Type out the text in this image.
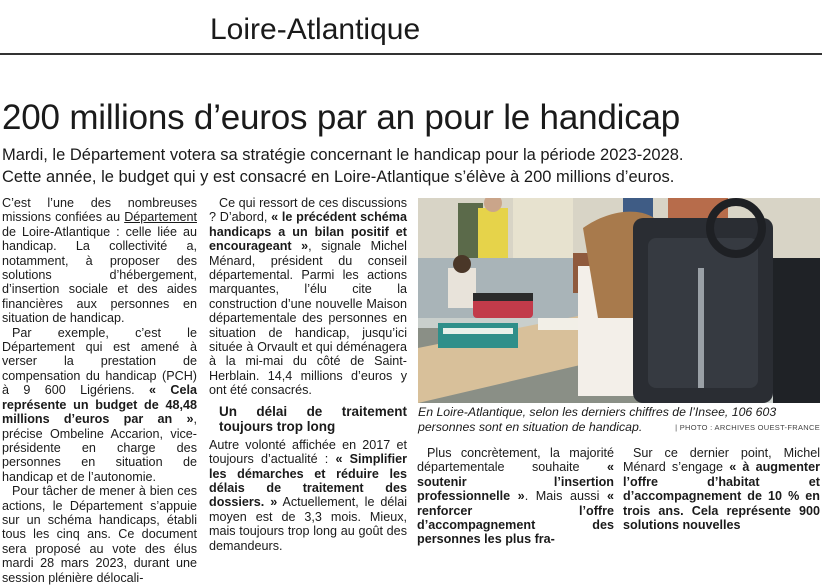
Loire-Atlantique
200 millions d’euros par an pour le handicap
Mardi, le Département votera sa stratégie concernant le handicap pour la période 2023-2028.
Cette année, le budget qui y est consacré en Loire-Atlantique s’élève à 200 millions d’euros.

C’est l’une des nombreuses missions confiées au Département de Loire-Atlantique : celle liée au handicap. La collectivité a, notamment, à proposer des solutions d’hébergement, d’insertion sociale et des aides financières aux personnes en situation de handicap.

Par exemple, c’est le Département qui est amené à verser la prestation de compensation du handicap (PCH) à 9 600 Ligériens. « Cela représente un budget de 48,48 millions d’euros par an », précise Ombeline Accarion, vice-présidente en charge des personnes en situation de handicap et de l’autonomie.

Pour tâcher de mener à bien ces actions, le Département s’appuie sur un schéma handicaps, établi tous les cinq ans. Ce document sera proposé au vote des élus mardi 28 mars 2023, durant une session plénière délocali-

Ce qui ressort de ces discussions ? D’abord, « le précédent schéma handicaps a un bilan positif et encourageant », signale Michel Ménard, président du conseil départemental. Parmi les actions marquantes, l’élu cite la construction d’une nouvelle Maison départementale des personnes en situation de handicap, jusqu’ici située à Orvault et qui déménagera à la mi-mai du côté de Saint-Herblain. 14,4 millions d’euros y ont été consacrés.

Un délai de traitement toujours trop long

Autre volonté affichée en 2017 et toujours d’actualité : « Simplifier les démarches et réduire les délais de traitement des dossiers. » Actuellement, le délai moyen est de 3,3 mois. Mieux, mais toujours trop long au goût des demandeurs.

En Loire-Atlantique, selon les derniers chiffres de l’Insee, 106 603 personnes sont en situation de handicap.	| PHOTO : ARCHIVES OUEST-FRANCE

Plus concrètement, la majorité départementale souhaite « soutenir l’insertion professionnelle ». Mais aussi « renforcer l’offre d’accompagnement des personnes les plus fra-

Sur ce dernier point, Michel Ménard s’engage « à augmenter l’offre d’habitat et d’accompagnement de 10 % en trois ans. Cela représente 900 solutions nouvelles
